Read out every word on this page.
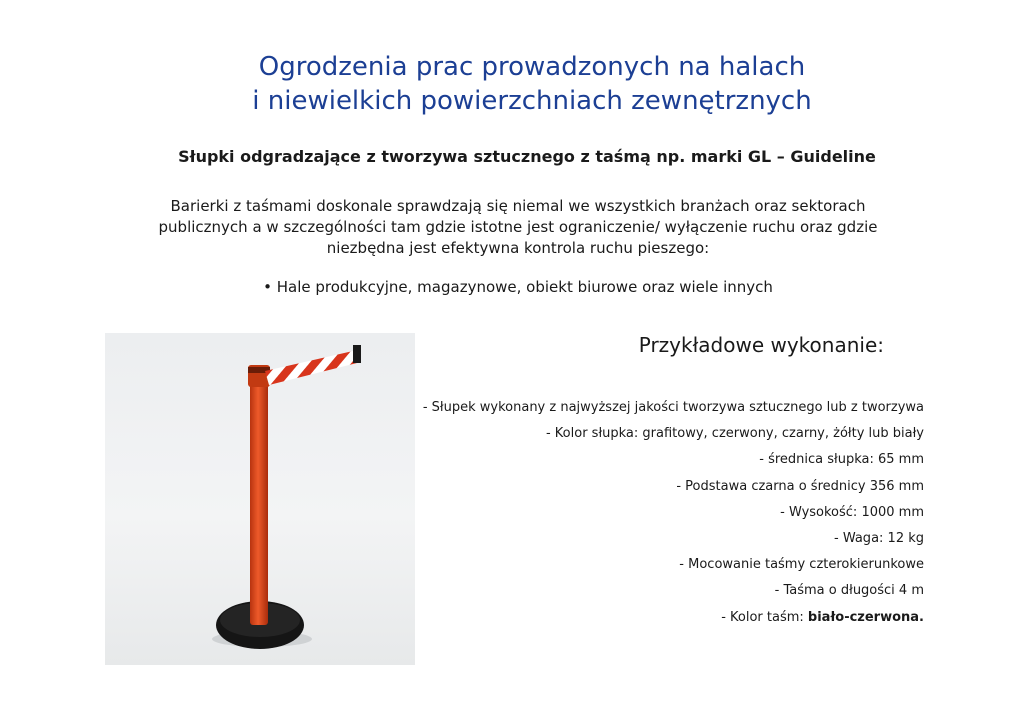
Ogrodzenia prac prowadzonych na halach
i niewielkich powierzchniach zewnętrznych
Słupki odgradzające z tworzywa sztucznego z taśmą np. marki GL – Guideline
Barierki z taśmami doskonale sprawdzają się niemal we wszystkich branżach oraz sektorach publicznych a w szczególności tam gdzie istotne jest ograniczenie/ wyłączenie ruchu oraz gdzie niezbędna jest efektywna kontrola ruchu pieszego:
• Hale produkcyjne, magazynowe, obiekt biurowe oraz wiele innych
Przykładowe wykonanie:
- Słupek wykonany z najwyższej jakości tworzywa sztucznego lub z tworzywa
- Kolor słupka: grafitowy, czerwony, czarny, żółty lub biały
- średnica słupka: 65 mm
- Podstawa czarna o średnicy 356 mm
- Wysokość: 1000 mm
- Waga: 12 kg
- Mocowanie taśmy czterokierunkowe
- Taśma o długości 4 m
- Kolor taśm: biało-czerwona.
